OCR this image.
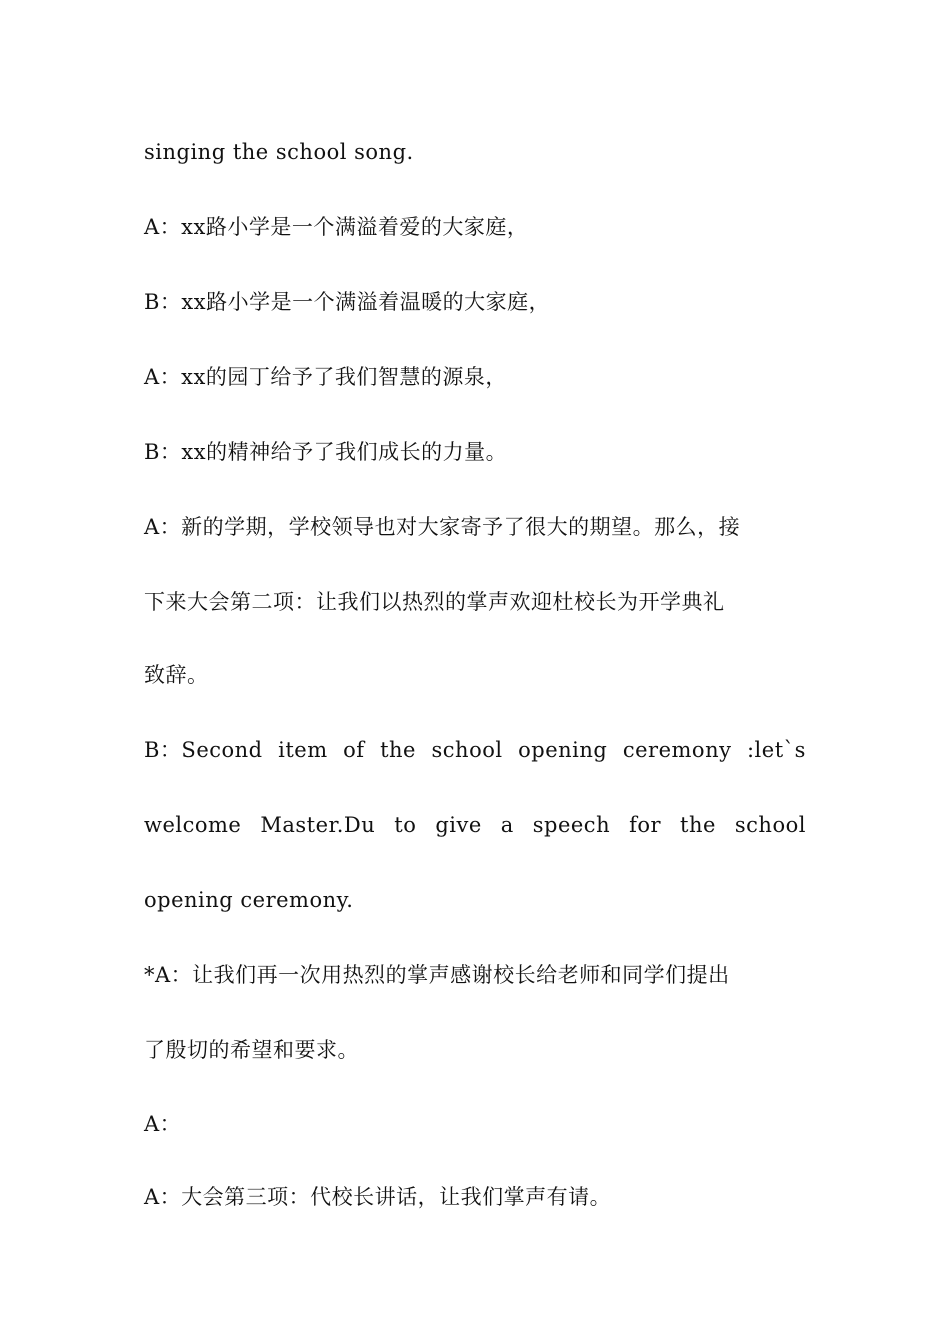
singing the school song.
A：xx路小学是一个满溢着爱的大家庭，
B：xx路小学是一个满溢着温暖的大家庭，
A：xx的园丁给予了我们智慧的源泉，
B：xx的精神给予了我们成长的力量。
A：新的学期，学校领导也对大家寄予了很大的期望。那么，接
下来大会第二项：让我们以热烈的掌声欢迎杜校长为开学典礼
致辞。
B：Second item of the school opening ceremony :let`s
welcome Master.Du to give a speech for the school
opening ceremony.
*A：让我们再一次用热烈的掌声感谢校长给老师和同学们提出
了殷切的希望和要求。
A：
A：大会第三项：代校长讲话，让我们掌声有请。
